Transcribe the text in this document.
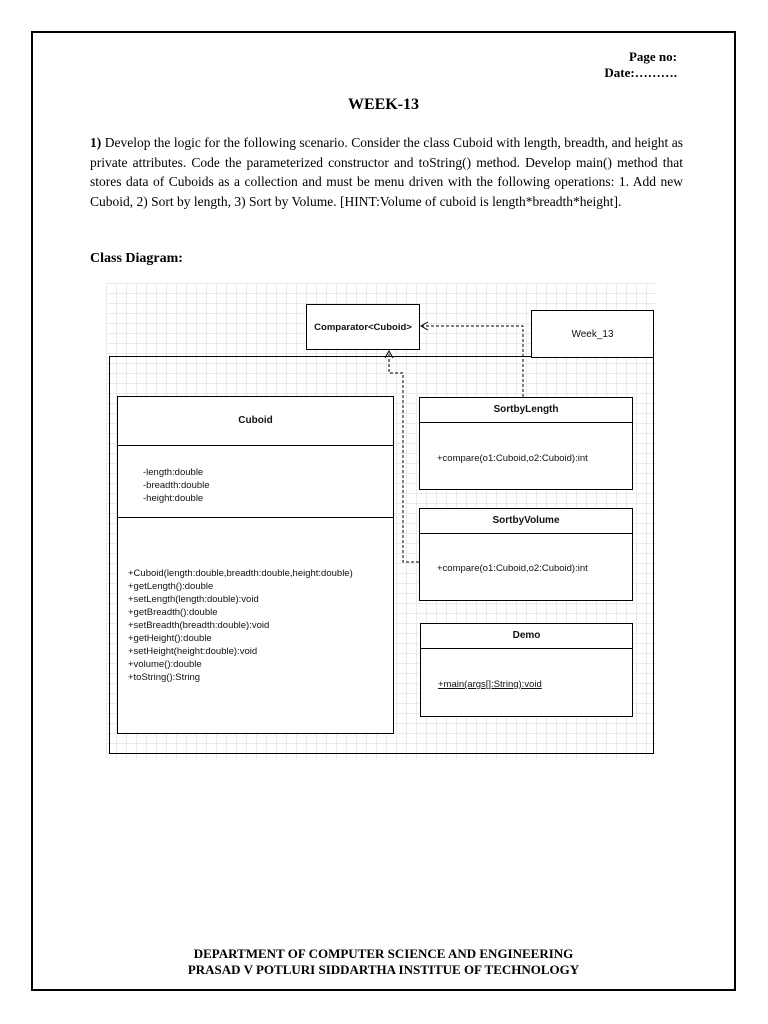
Page no:
Date:……….
WEEK-13
1) Develop the logic for the following scenario. Consider the class Cuboid with length, breadth, and height as private attributes. Code the parameterized constructor and toString() method. Develop main() method that stores data of Cuboids as a collection and must be menu driven with the following operations: 1. Add new Cuboid, 2) Sort by length, 3) Sort by Volume. [HINT:Volume of cuboid is length*breadth*height].
Class Diagram:
Week_13
Comparator<Cuboid>
Cuboid
-length:double
-breadth:double
-height:double
+Cuboid(length:double,breadth:double,height:double)
+getLength():double
+setLength(length:double):void
+getBreadth():double
+setBreadth(breadth:double):void
+getHeight():double
+setHeight(height:double):void
+volume():double
+toString():String
SortbyLength
+compare(o1:Cuboid,o2:Cuboid):int
SortbyVolume
+compare(o1:Cuboid,o2:Cuboid):int
Demo
+main(args[]:String):void
DEPARTMENT OF COMPUTER SCIENCE AND ENGINEERING
PRASAD V POTLURI SIDDARTHA INSTITUE OF TECHNOLOGY
